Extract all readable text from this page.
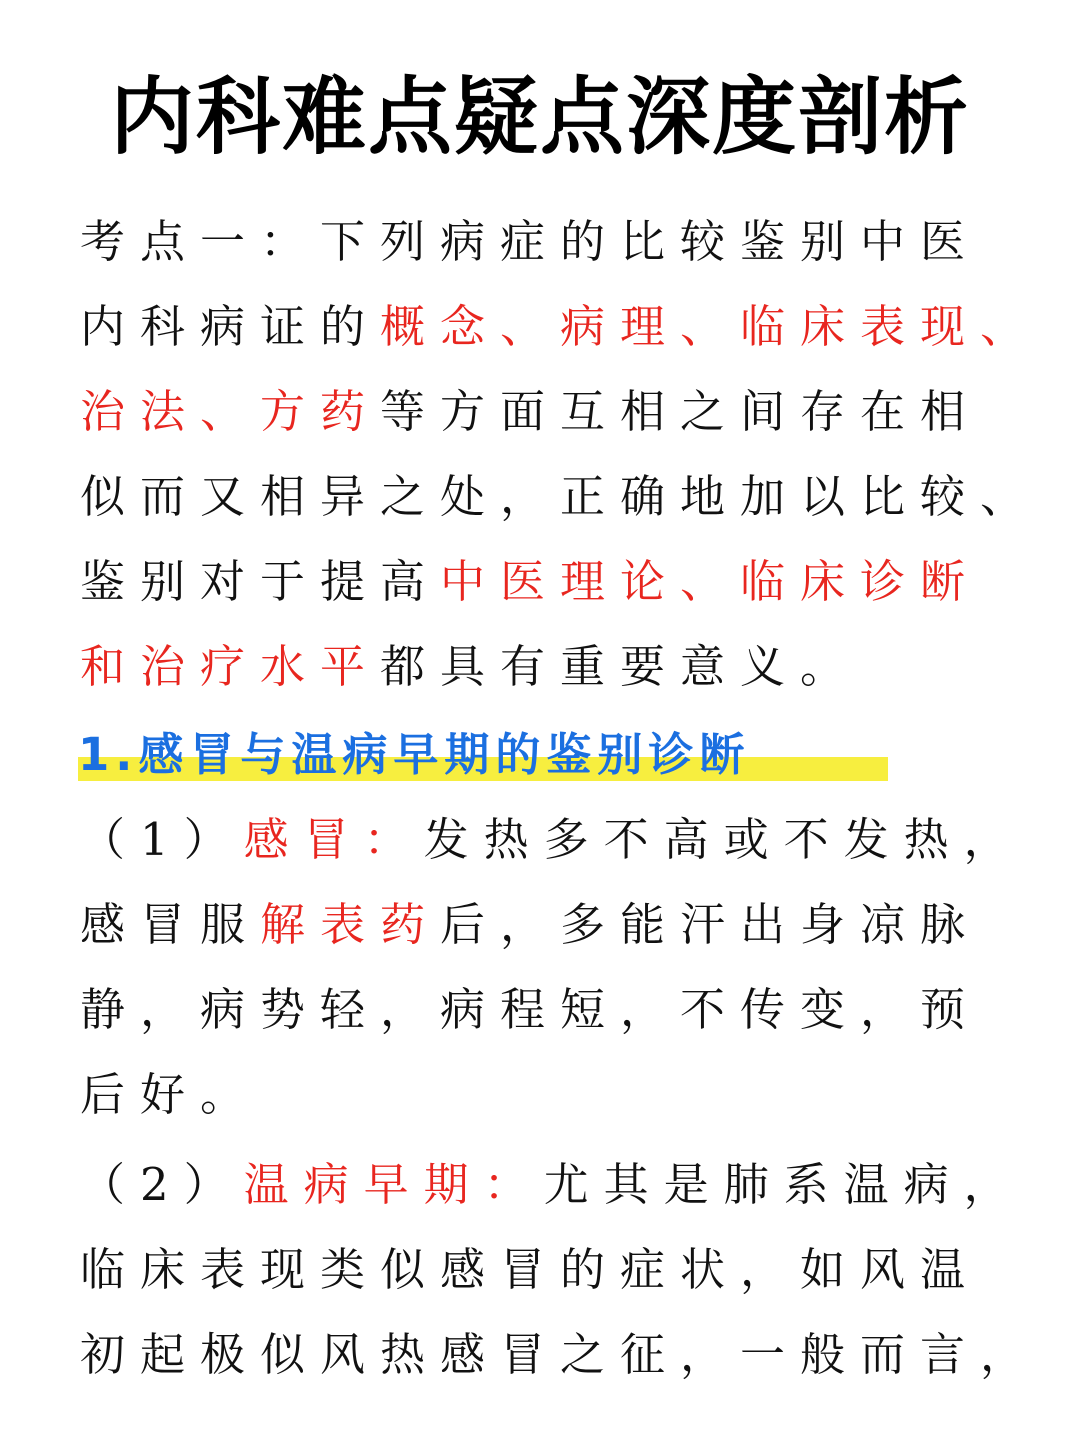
内科难点疑点深度剖析
考点一：下列病症的比较鉴别中医
内科病证的概念、病理、临床表现、
治法、方药等方面互相之间存在相
似而又相异之处，正确地加以比较、
鉴别对于提高中医理论、临床诊断
和治疗水平都具有重要意义。
1.感冒与温病早期的鉴别诊断
（1）感冒：发热多不高或不发热，
感冒服解表药后，多能汗出身凉脉
静，病势轻，病程短，不传变，预
后好。
（2）温病早期：尤其是肺系温病，
临床表现类似感冒的症状，如风温
初起极似风热感冒之征，一般而言，
